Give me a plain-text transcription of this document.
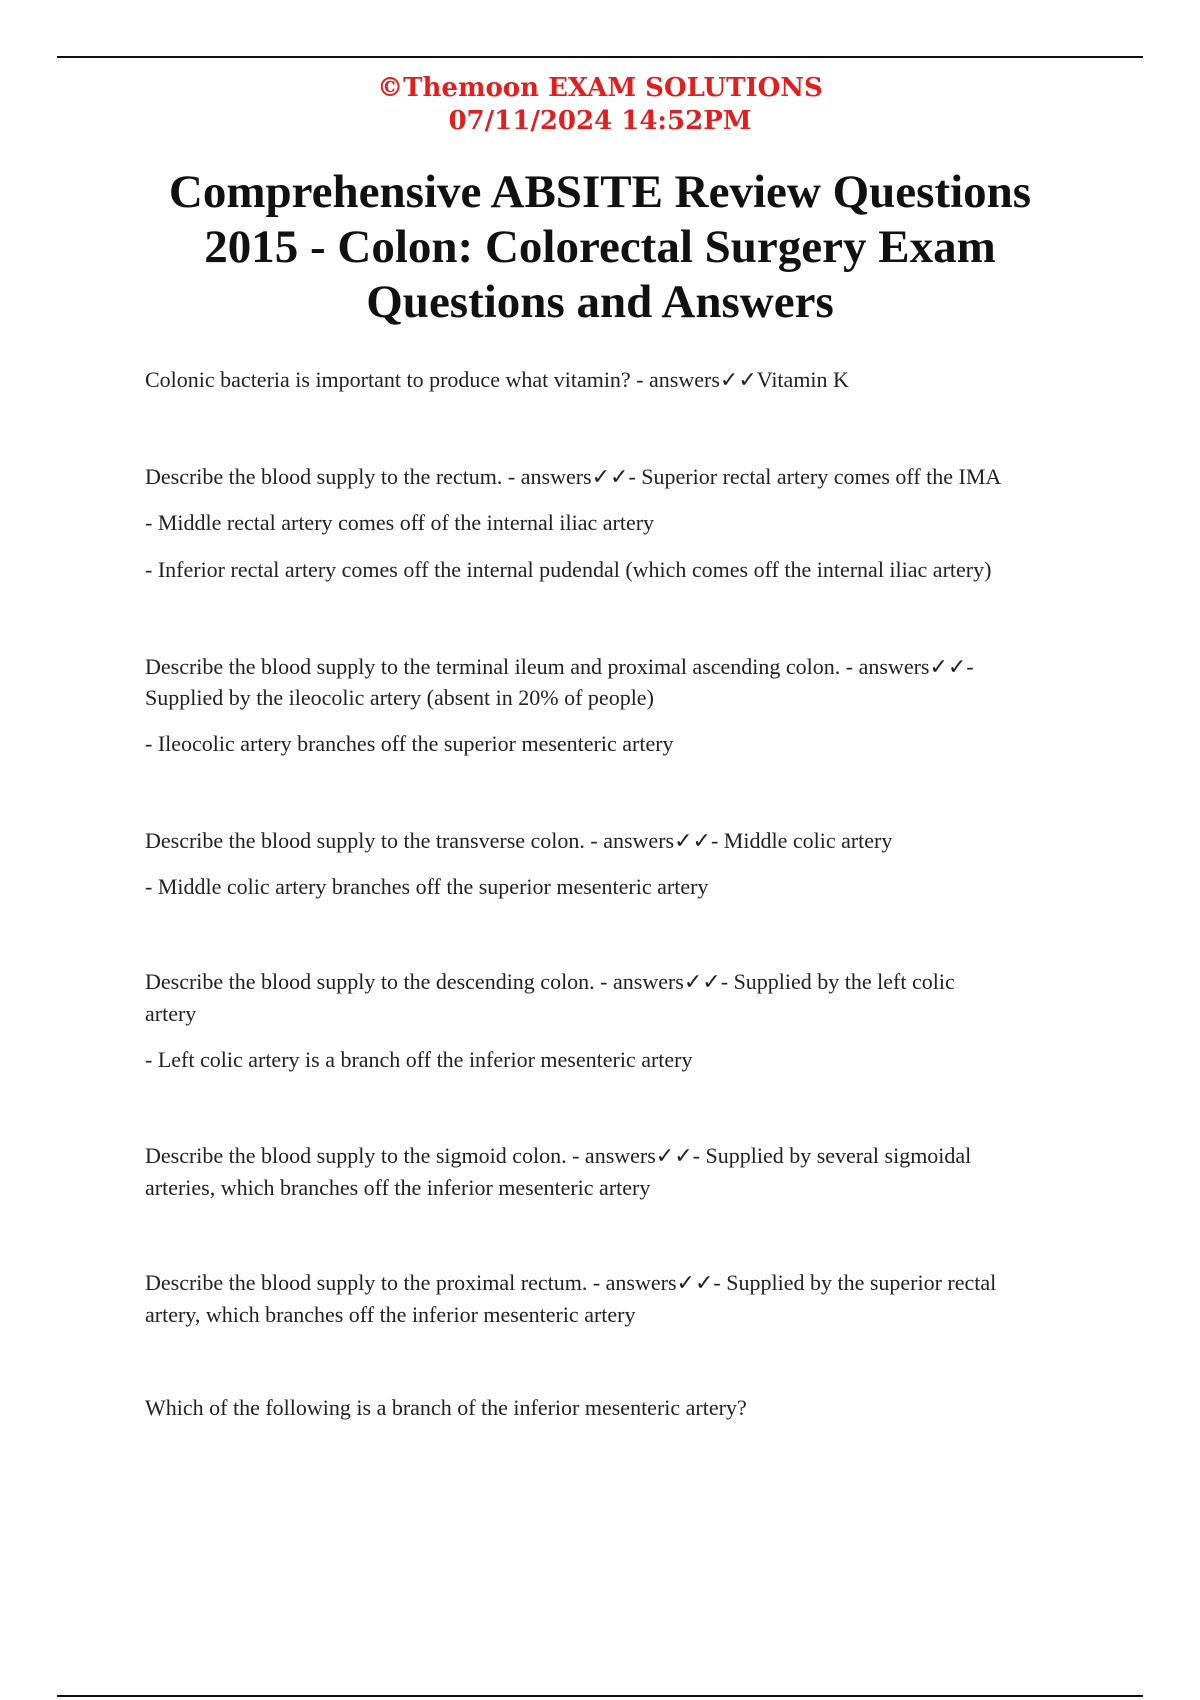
©Themoon EXAM SOLUTIONS
07/11/2024 14:52PM
Comprehensive ABSITE Review Questions
2015 - Colon: Colorectal Surgery Exam
Questions and Answers

Colonic bacteria is important to produce what vitamin? - answers✓✓Vitamin K

Describe the blood supply to the rectum. - answers✓✓- Superior rectal artery comes off the IMA

- Middle rectal artery comes off of the internal iliac artery

- Inferior rectal artery comes off the internal pudendal (which comes off the internal iliac artery)

Describe the blood supply to the terminal ileum and proximal ascending colon. - answers✓✓-

Supplied by the ileocolic artery (absent in 20% of people)

- Ileocolic artery branches off the superior mesenteric artery

Describe the blood supply to the transverse colon. - answers✓✓- Middle colic artery

- Middle colic artery branches off the superior mesenteric artery

Describe the blood supply to the descending colon. - answers✓✓- Supplied by the left colic

artery

- Left colic artery is a branch off the inferior mesenteric artery

Describe the blood supply to the sigmoid colon. - answers✓✓- Supplied by several sigmoidal

arteries, which branches off the inferior mesenteric artery

Describe the blood supply to the proximal rectum. - answers✓✓- Supplied by the superior rectal

artery, which branches off the inferior mesenteric artery

Which of the following is a branch of the inferior mesenteric artery?
